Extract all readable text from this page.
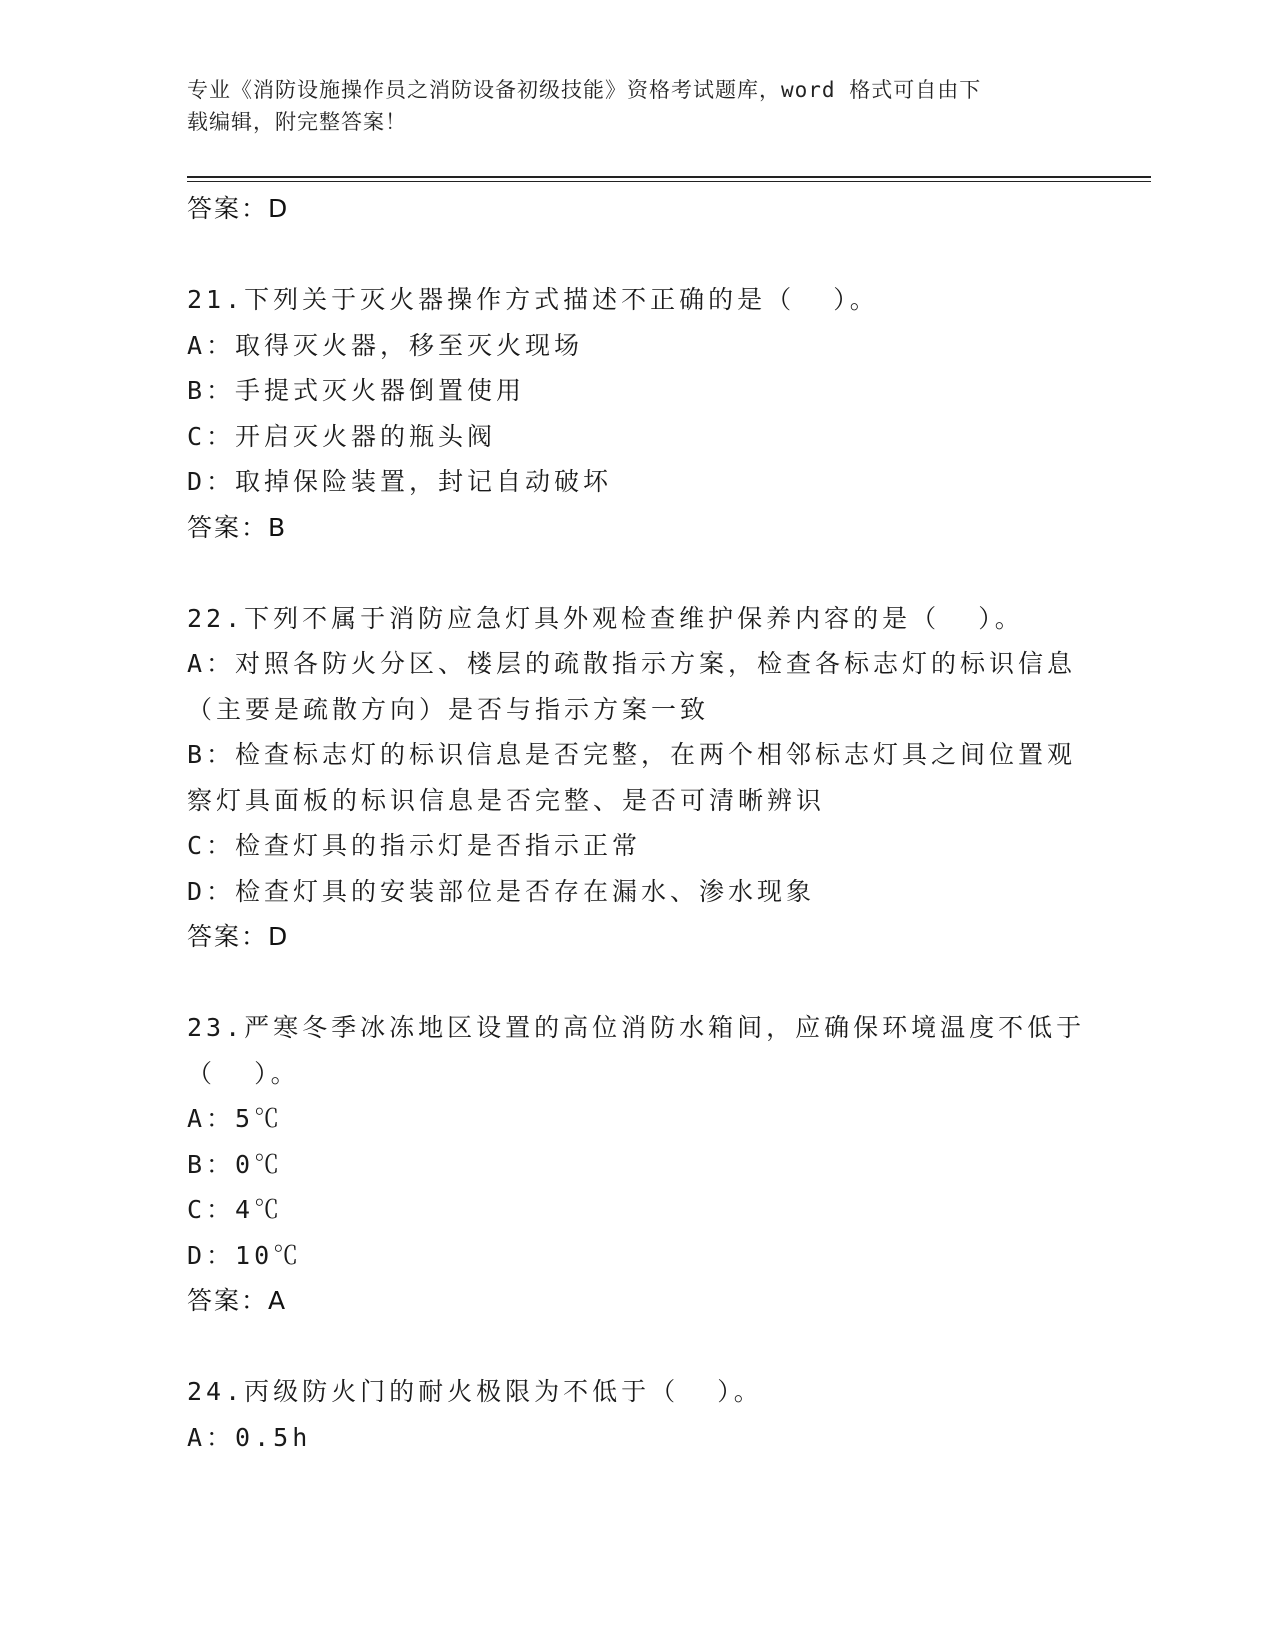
专业《消防设施操作员之消防设备初级技能》资格考试题库，word 格式可自由下
载编辑，附完整答案！
答案：D
21.下列关于灭火器操作方式描述不正确的是（  ）。
A：取得灭火器，移至灭火现场
B：手提式灭火器倒置使用
C：开启灭火器的瓶头阀
D：取掉保险装置，封记自动破坏
答案：B
22.下列不属于消防应急灯具外观检查维护保养内容的是（  ）。
A：对照各防火分区、楼层的疏散指示方案，检查各标志灯的标识信息
（主要是疏散方向）是否与指示方案一致
B：检查标志灯的标识信息是否完整，在两个相邻标志灯具之间位置观
察灯具面板的标识信息是否完整、是否可清晰辨识
C：检查灯具的指示灯是否指示正常
D：检查灯具的安装部位是否存在漏水、渗水现象
答案：D
23.严寒冬季冰冻地区设置的高位消防水箱间，应确保环境温度不低于
（  ）。
A：5℃
B：0℃
C：4℃
D：10℃
答案：A
24.丙级防火门的耐火极限为不低于（  ）。
A：0.5h
